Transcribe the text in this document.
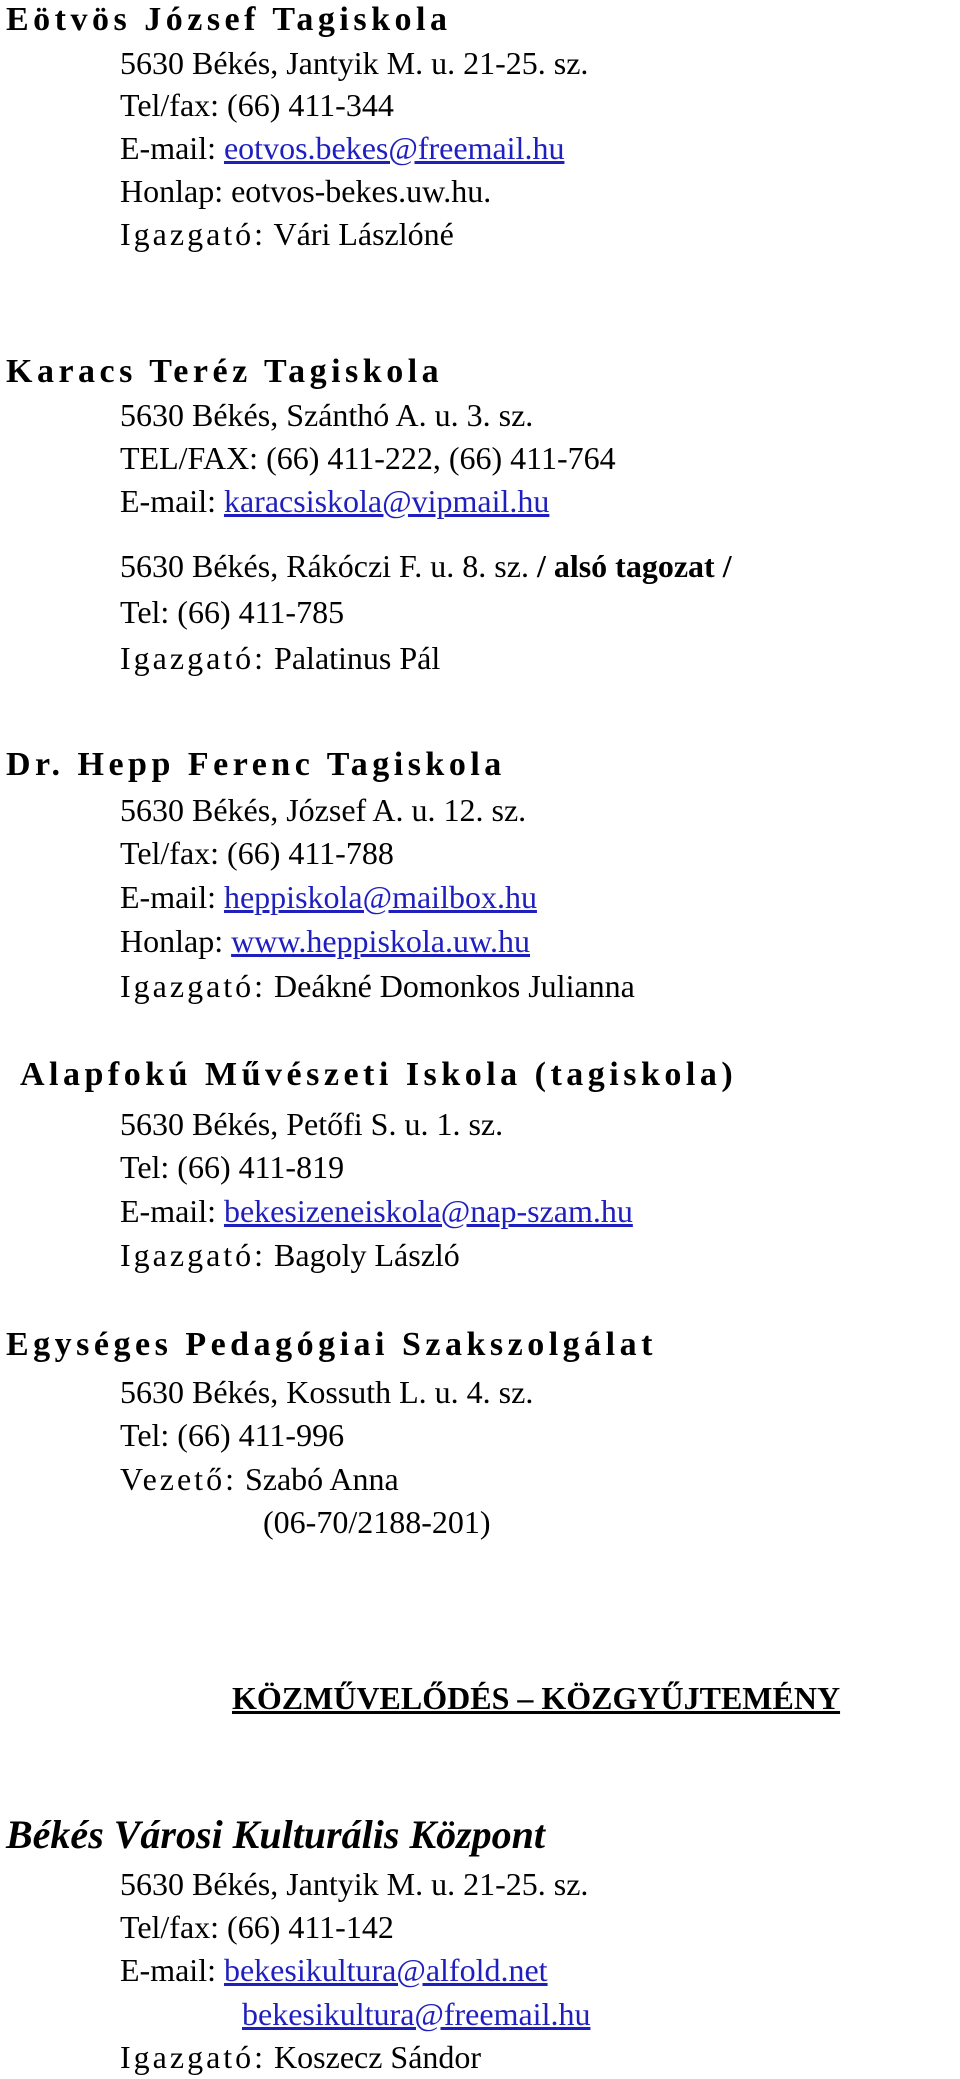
Eötvös József Tagiskola
5630 Békés, Jantyik M. u. 21-25. sz.
Tel/fax: (66) 411-344
E-mail: eotvos.bekes@freemail.hu
Honlap: eotvos-bekes.uw.hu.
Igazgató: Vári Lászlóné
Karacs Teréz Tagiskola
5630 Békés, Szánthó A. u. 3. sz.
TEL/FAX: (66) 411-222, (66) 411-764
E-mail: karacsiskola@vipmail.hu
5630 Békés, Rákóczi F. u. 8. sz. / alsó tagozat /
Tel: (66) 411-785
Igazgató: Palatinus Pál
Dr. Hepp Ferenc Tagiskola
5630 Békés, József A. u. 12. sz.
Tel/fax: (66) 411-788
E-mail: heppiskola@mailbox.hu
Honlap: www.heppiskola.uw.hu
Igazgató: Deákné Domonkos Julianna
Alapfokú Művészeti Iskola (tagiskola)
5630 Békés, Petőfi S. u. 1. sz.
Tel: (66) 411-819
E-mail: bekesizeneiskola@nap-szam.hu
Igazgató: Bagoly László
Egységes Pedagógiai Szakszolgálat
5630 Békés, Kossuth L. u. 4. sz.
Tel: (66) 411-996
Vezető: Szabó Anna
(06-70/2188-201)
KÖZMŰVELŐDÉS – KÖZGYŰJTEMÉNY
Békés Városi Kulturális Központ
5630 Békés, Jantyik M. u. 21-25. sz.
Tel/fax: (66) 411-142
E-mail: bekesikultura@alfold.net
bekesikultura@freemail.hu
Igazgató: Koszecz Sándor
